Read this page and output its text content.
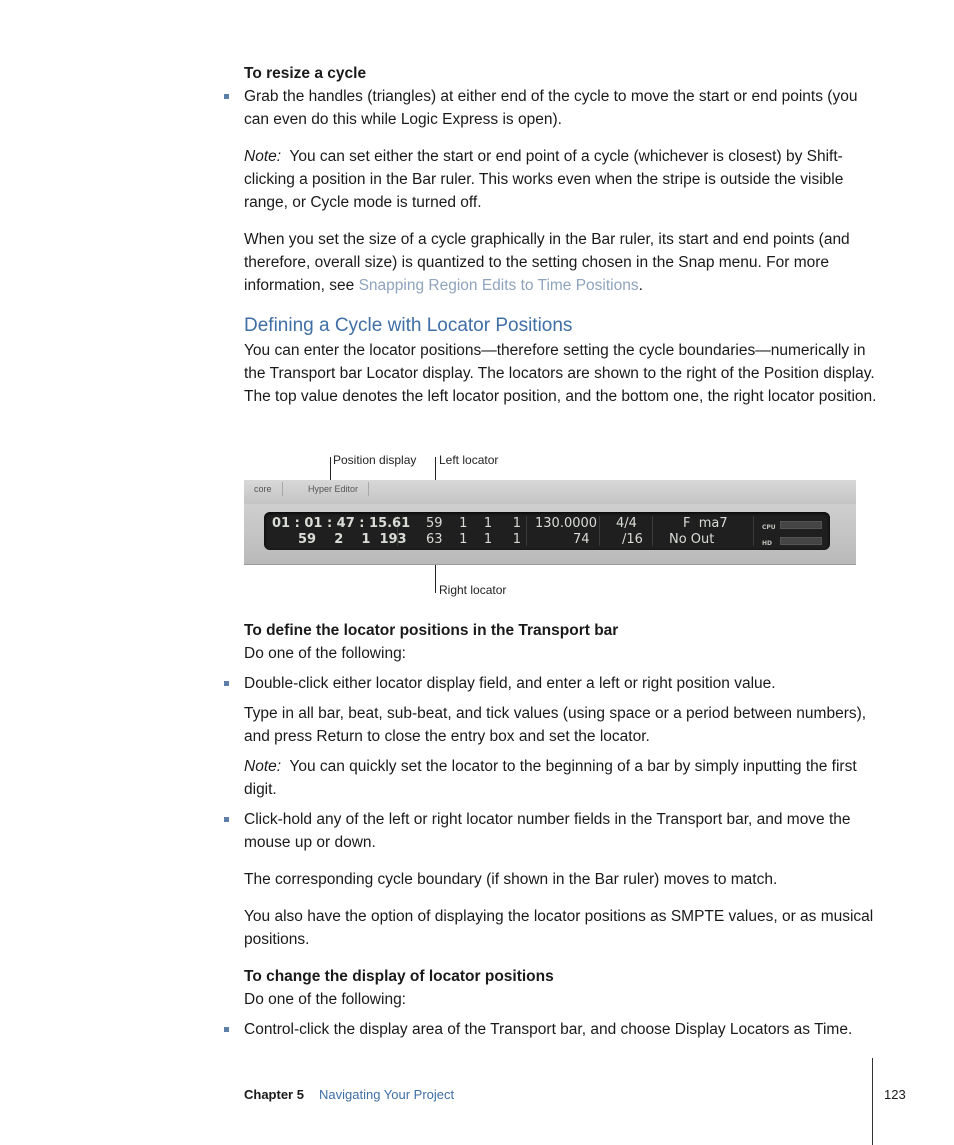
To resize a cycle

Grab the handles (triangles) at either end of the cycle to move the start or end points (you can even do this while Logic Express is open).

Note: You can set either the start or end point of a cycle (whichever is closest) by Shift-clicking a position in the Bar ruler. This works even when the stripe is outside the visible range, or Cycle mode is turned off.

When you set the size of a cycle graphically in the Bar ruler, its start and end points (and therefore, overall size) is quantized to the setting chosen in the Snap menu. For more information, see Snapping Region Edits to Time Positions.

Defining a Cycle with Locator Positions

You can enter the locator positions—therefore setting the cycle boundaries—numerically in the Transport bar Locator display. The locators are shown to the right of the Position display. The top value denotes the left locator position, and the bottom one, the right locator position.

Position display Left locator
Right locator
core	Hyper Editor
01 : 01 : 47 : 15.61
59    2    1  193
59    1    1     1
63    1    1     1
130.0000
74
4/4
/16
F  ma7
No Out
CPU
HD

To define the locator positions in the Transport bar

Do one of the following:

Double-click either locator display field, and enter a left or right position value.

Type in all bar, beat, sub-beat, and tick values (using space or a period between numbers), and press Return to close the entry box and set the locator.

Note: You can quickly set the locator to the beginning of a bar by simply inputting the first digit.

Click-hold any of the left or right locator number fields in the Transport bar, and move the mouse up or down.

The corresponding cycle boundary (if shown in the Bar ruler) moves to match.

You also have the option of displaying the locator positions as SMPTE values, or as musical positions.

To change the display of locator positions

Do one of the following:

Control-click the display area of the Transport bar, and choose Display Locators as Time.

Chapter 5 Navigating Your Project	123
